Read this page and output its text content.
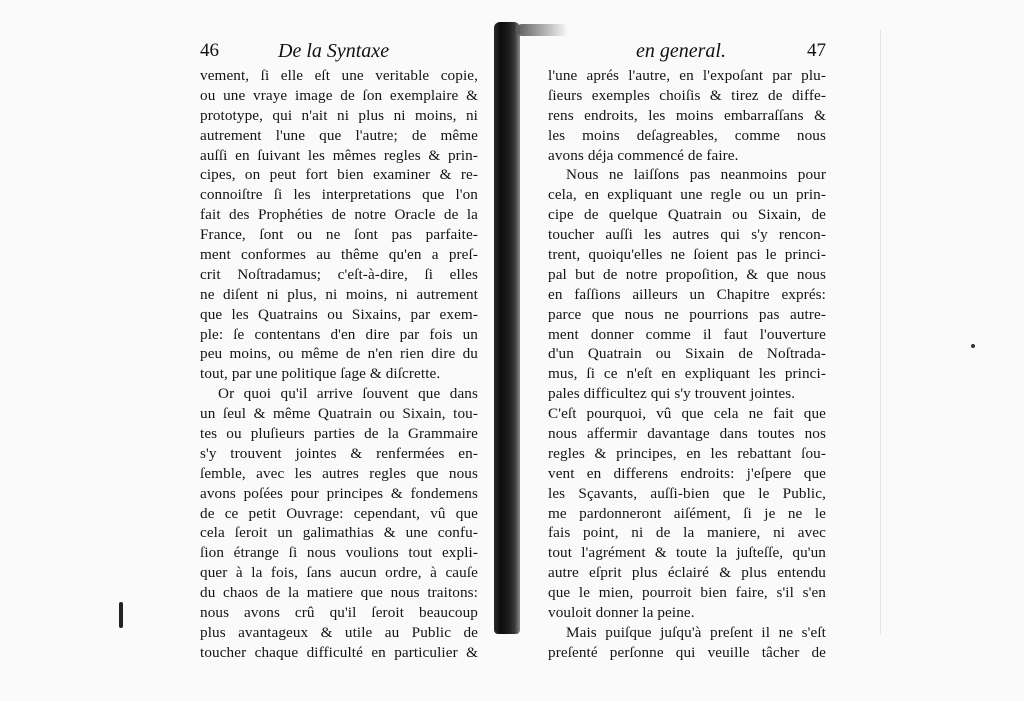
46	De la Syntaxe
vement, ſi elle eſt une veritable copie,
ou une vraye image de ſon exemplaire &
prototype, qui n'ait ni plus ni moins, ni
autrement l'une que l'autre; de même
auſſi en ſuivant les mêmes regles & prin-
cipes, on peut fort bien examiner & re-
connoiſtre ſi les interpretations que l'on
fait des Prophéties de notre Oracle de la
France, ſont ou ne ſont pas parfaite-
ment conformes au thême qu'en a preſ-
crit Noſtradamus; c'eſt-à-dire, ſi elles
ne diſent ni plus, ni moins, ni autrement
que les Quatrains ou Sixains, par exem-
ple: ſe contentans d'en dire par fois un
peu moins, ou même de n'en rien dire du
tout, par une politique ſage & diſcrette.
Or quoi qu'il arrive ſouvent que dans
un ſeul & même Quatrain ou Sixain, tou-
tes ou pluſieurs parties de la Grammaire
s'y trouvent jointes & renfermées en-
ſemble, avec les autres regles que nous
avons poſées pour principes & fondemens
de ce petit Ouvrage: cependant, vû que
cela ſeroit un galimathias & une confu-
ſion étrange ſi nous voulions tout expli-
quer à la fois, ſans aucun ordre, à cauſe
du chaos de la matiere que nous traitons:
nous avons crû qu'il ſeroit beaucoup
plus avantageux & utile au Public de
toucher chaque difficulté en particulier &
en general.	47
l'une aprés l'autre, en l'expoſant par plu-
ſieurs exemples choiſis & tirez de diffe-
rens endroits, les moins embarraſſans &
les moins deſagreables, comme nous
avons déja commencé de faire.
Nous ne laiſſons pas neanmoins pour
cela, en expliquant une regle ou un prin-
cipe de quelque Quatrain ou Sixain, de
toucher auſſi les autres qui s'y rencon-
trent, quoiqu'elles ne ſoient pas le princi-
pal but de notre propoſition, & que nous
en faſſions ailleurs un Chapitre exprés:
parce que nous ne pourrions pas autre-
ment donner comme il faut l'ouverture
d'un Quatrain ou Sixain de Noſtrada-
mus, ſi ce n'eſt en expliquant les princi-
pales difficultez qui s'y trouvent jointes.
C'eſt pourquoi, vû que cela ne fait que
nous affermir davantage dans toutes nos
regles & principes, en les rebattant ſou-
vent en differens endroits: j'eſpere que
les Sçavants, auſſi-bien que le Public,
me pardonneront aiſément, ſi je ne le
fais point, ni de la maniere, ni avec
tout l'agrément & toute la juſteſſe, qu'un
autre eſprit plus éclairé & plus entendu
que le mien, pourroit bien faire, s'il s'en
vouloit donner la peine.
Mais puiſque juſqu'à preſent il ne s'eſt
preſenté perſonne qui veuille tâcher de
